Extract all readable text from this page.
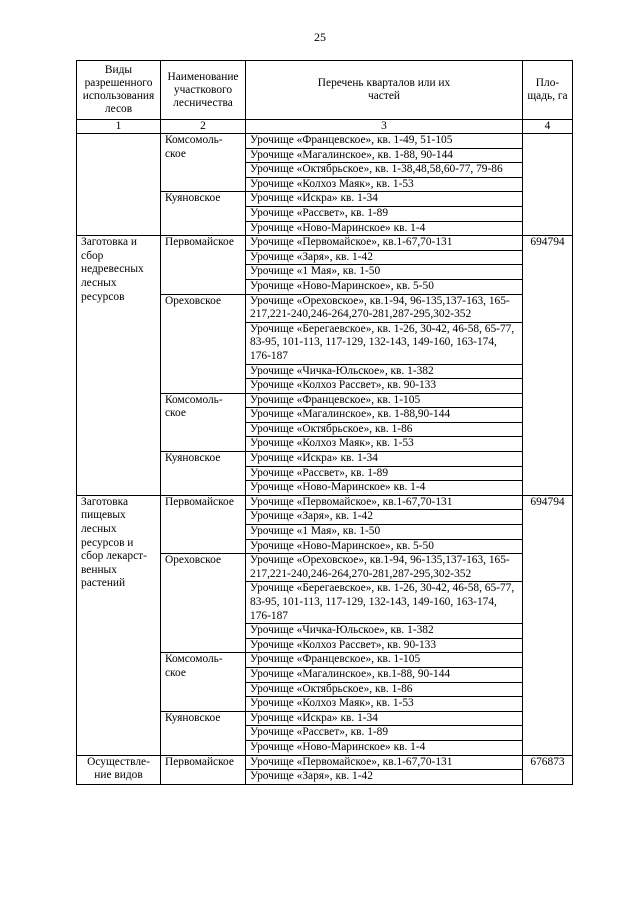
25
Виды разрешенного использования лесов	Наименование участкового лесничества	Перечень кварталов или их частей	Пло-щадь, га
1	2	3	4
	Комсомоль-ское	Урочище «Францевское», кв. 1-49, 51-105	
		Урочище «Магалинское», кв. 1-88, 90-144	
		Урочище «Октябрьское», кв. 1-38,48,58,60-77, 79-86	
		Урочище «Колхоз Маяк», кв. 1-53	
	Куяновское	Урочище «Искра» кв. 1-34	
		Урочище «Рассвет», кв. 1-89	
		Урочище «Ново-Маринское» кв. 1-4	
Заготовка и сбор недревесных лесных ресурсов	Первомайское	Урочище «Первомайское», кв.1-67,70-131	694794
		Урочище «Заря», кв. 1-42	
		Урочище «1 Мая», кв. 1-50	
		Урочище «Ново-Маринское», кв. 5-50	
	Ореховское	Урочище «Ореховское», кв.1-94, 96-135,137-163, 165-217,221-240,246-264,270-281,287-295,302-352	
		Урочище «Берегаевское», кв. 1-26, 30-42, 46-58, 65-77, 83-95, 101-113, 117-129, 132-143, 149-160, 163-174, 176-187	
		Урочище «Чичка-Юльское», кв. 1-382	
		Урочище «Колхоз Рассвет», кв. 90-133	
	Комсомоль-ское	Урочище «Францевское», кв. 1-105	
		Урочище «Магалинское», кв. 1-88,90-144	
		Урочище «Октябрьское», кв. 1-86	
		Урочище «Колхоз Маяк», кв. 1-53	
	Куяновское	Урочище «Искра» кв. 1-34	
		Урочище «Рассвет», кв. 1-89	
		Урочище «Ново-Маринское» кв. 1-4	
Заготовка пищевых лесных ресурсов и сбор лекарст-венных растений	Первомайское	Урочище «Первомайское», кв.1-67,70-131	694794
		Урочище «Заря», кв. 1-42	
		Урочище «1 Мая», кв. 1-50	
		Урочище «Ново-Маринское», кв. 5-50	
	Ореховское	Урочище «Ореховское», кв.1-94, 96-135,137-163, 165-217,221-240,246-264,270-281,287-295,302-352	
		Урочище «Берегаевское», кв. 1-26, 30-42, 46-58, 65-77, 83-95, 101-113, 117-129, 132-143, 149-160, 163-174, 176-187	
		Урочище «Чичка-Юльское», кв. 1-382	
		Урочище «Колхоз Рассвет», кв. 90-133	
	Комсомоль-ское	Урочище «Францевское», кв. 1-105	
		Урочище «Магалинское», кв.1-88, 90-144	
		Урочище «Октябрьское», кв. 1-86	
		Урочище «Колхоз Маяк», кв. 1-53	
	Куяновское	Урочище «Искра» кв. 1-34	
		Урочище «Рассвет», кв. 1-89	
		Урочище «Ново-Маринское» кв. 1-4	
Осуществле-ние видов	Первомайское	Урочище «Первомайское», кв.1-67,70-131	676873
		Урочище «Заря», кв. 1-42	
